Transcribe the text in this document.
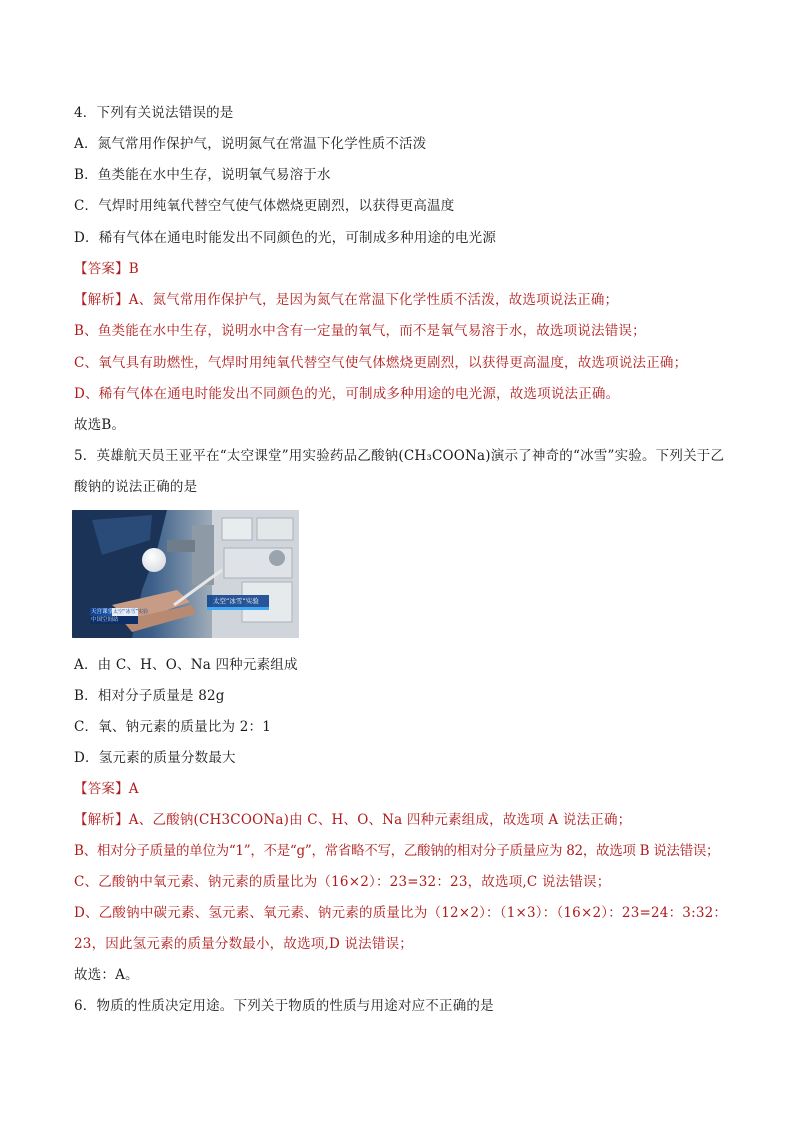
4．下列有关说法错误的是
A．氮气常用作保护气，说明氮气在常温下化学性质不活泼
B．鱼类能在水中生存，说明氧气易溶于水
C．气焊时用纯氧代替空气使气体燃烧更剧烈，以获得更高温度
D．稀有气体在通电时能发出不同颜色的光，可制成多种用途的电光源
【答案】B
【解析】A、氮气常用作保护气，是因为氮气在常温下化学性质不活泼，故选项说法正确；
B、鱼类能在水中生存，说明水中含有一定量的氧气，而不是氧气易溶于水，故选项说法错误；
C、氧气具有助燃性，气焊时用纯氧代替空气使气体燃烧更剧烈，以获得更高温度，故选项说法正确；
D、稀有气体在通电时能发出不同颜色的光，可制成多种用途的电光源，故选项说法正确。
故选B。
5．英雄航天员王亚平在“太空课堂”用实验药品乙酸钠(CH₃COONa)演示了神奇的“冰雪”实验。下列关于乙
酸钠的说法正确的是
天宫课堂 太空“冰雪”实验
中国空间站
太空“冰雪”实验
A．由 C、H、O、Na 四种元素组成
B．相对分子质量是 82g
C．氧、钠元素的质量比为 2：1
D．氢元素的质量分数最大
【答案】A
【解析】A、乙酸钠(CH3COONa)由 C、H、O、Na 四种元素组成，故选项 A 说法正确；
B、相对分子质量的单位为“1”，不是“g”，常省略不写，乙酸钠的相对分子质量应为 82，故选项 B 说法错误；
C、乙酸钠中氧元素、钠元素的质量比为（16×2）：23=32：23，故选项,C 说法错误；
D、乙酸钠中碳元素、氢元素、氧元素、钠元素的质量比为（12×2）：（1×3）：（16×2）：23=24：3:32：
23，因此氢元素的质量分数最小，故选项,D 说法错误；
故选：A。
6．物质的性质决定用途。下列关于物质的性质与用途对应不正确的是
